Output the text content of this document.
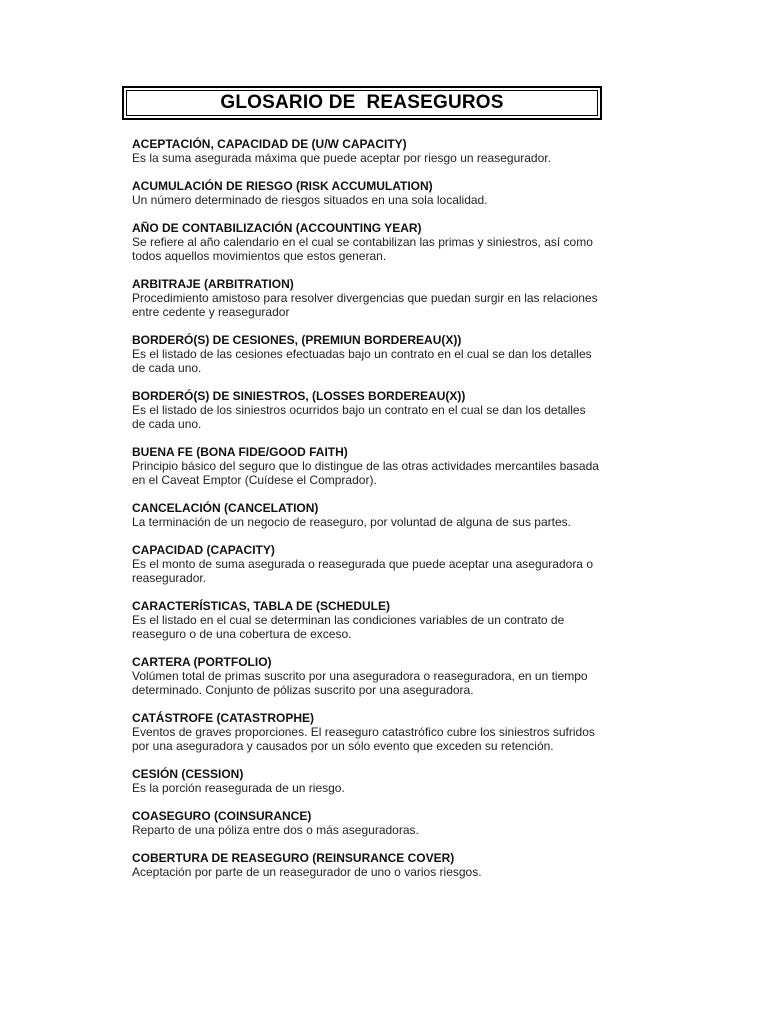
GLOSARIO DE  REASEGUROS
ACEPTACIÓN, CAPACIDAD DE (U/W CAPACITY)
Es la suma asegurada máxima que puede aceptar por riesgo un reasegurador.
ACUMULACIÓN DE RIESGO (RISK ACCUMULATION)
Un número determinado de riesgos situados en una sola localidad.
AÑO DE CONTABILIZACIÓN (ACCOUNTING YEAR)
Se refiere al año calendario en el cual se contabilizan las primas y siniestros, así como todos aquellos movimientos que estos generan.
ARBITRAJE (ARBITRATION)
Procedimiento amistoso para resolver divergencias que puedan surgir en las relaciones entre cedente y reasegurador
BORDERÓ(S) DE CESIONES, (PREMIUN BORDEREAU(X))
Es el listado de las cesiones efectuadas bajo un contrato en el cual se dan los detalles de cada uno.
BORDERÓ(S) DE SINIESTROS, (LOSSES BORDEREAU(X))
Es el listado de los siniestros ocurridos bajo un contrato en el cual se dan los detalles de cada uno.
BUENA FE (BONA FIDE/GOOD FAITH)
Principio básico del seguro que lo distingue de las otras actividades mercantiles basada en el Caveat Emptor (Cuídese el Comprador).
CANCELACIÓN (CANCELATION)
La terminación de un negocio de reaseguro, por voluntad de alguna de sus partes.
CAPACIDAD (CAPACITY)
Es el monto de suma asegurada o reasegurada que puede aceptar una aseguradora o reasegurador.
CARACTERÍSTICAS, TABLA DE (SCHEDULE)
Es el listado en el cual se determinan las condiciones variables de un contrato de reaseguro o de una cobertura de exceso.
CARTERA (PORTFOLIO)
Volúmen total de primas suscrito por una aseguradora o reaseguradora, en un tiempo determinado. Conjunto de pólizas suscrito por una aseguradora.
CATÁSTROFE (CATASTROPHE)
Eventos de graves proporciones. El reaseguro catastrófico cubre los siniestros sufridos por una aseguradora y causados por un sólo evento que exceden su retención.
CESIÓN (CESSION)
Es la porción reasegurada de un riesgo.
COASEGURO (COINSURANCE)
Reparto de una póliza entre dos o más aseguradoras.
COBERTURA DE REASEGURO (REINSURANCE COVER)
Aceptación por parte de un reasegurador de uno o varios riesgos.
